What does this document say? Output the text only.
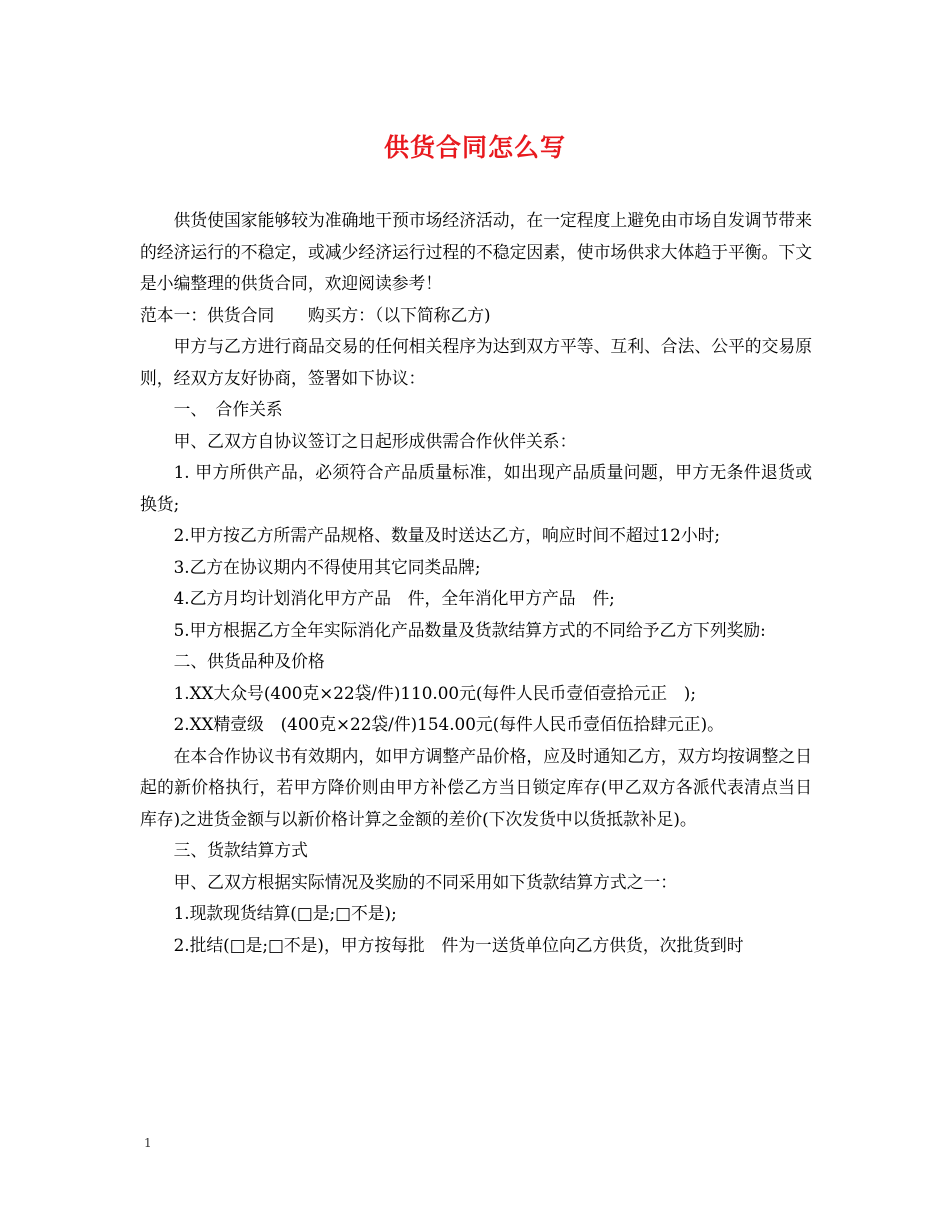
供货合同怎么写

供货使国家能够较为准确地干预市场经济活动，在一定程度上避免由市场自发调节带来的经济运行的不稳定，或减少经济运行过程的不稳定因素，使市场供求大体趋于平衡。下文是小编整理的供货合同，欢迎阅读参考！

范本一：供货合同　　购买方：（以下简称乙方)

甲方与乙方进行商品交易的任何相关程序为达到双方平等、互利、合法、公平的交易原则，经双方友好协商，签署如下协议：

一、　合作关系

甲、乙双方自协议签订之日起形成供需合作伙伴关系：

1. 甲方所供产品，必须符合产品质量标准，如出现产品质量问题，甲方无条件退货或换货;

2.甲方按乙方所需产品规格、数量及时送达乙方，响应时间不超过12小时;

3.乙方在协议期内不得使用其它同类品牌;

4.乙方月均计划消化甲方产品　件，全年消化甲方产品　件;

5.甲方根据乙方全年实际消化产品数量及货款结算方式的不同给予乙方下列奖励:

二、供货品种及价格

1.XX大众号(400克×22袋/件)110.00元(每件人民币壹佰壹拾元正　);

2.XX精壹级　(400克×22袋/件)154.00元(每件人民币壹佰伍拾肆元正)。

在本合作协议书有效期内，如甲方调整产品价格，应及时通知乙方，双方均按调整之日起的新价格执行，若甲方降价则由甲方补偿乙方当日锁定库存(甲乙双方各派代表清点当日库存)之进货金额与以新价格计算之金额的差价(下次发货中以货抵款补足)。

三、货款结算方式

甲、乙双方根据实际情况及奖励的不同采用如下货款结算方式之一：

1.现款现货结算(□是;□不是);

2.批结(□是;□不是)，甲方按每批　件为一送货单位向乙方供货，次批货到时

1
